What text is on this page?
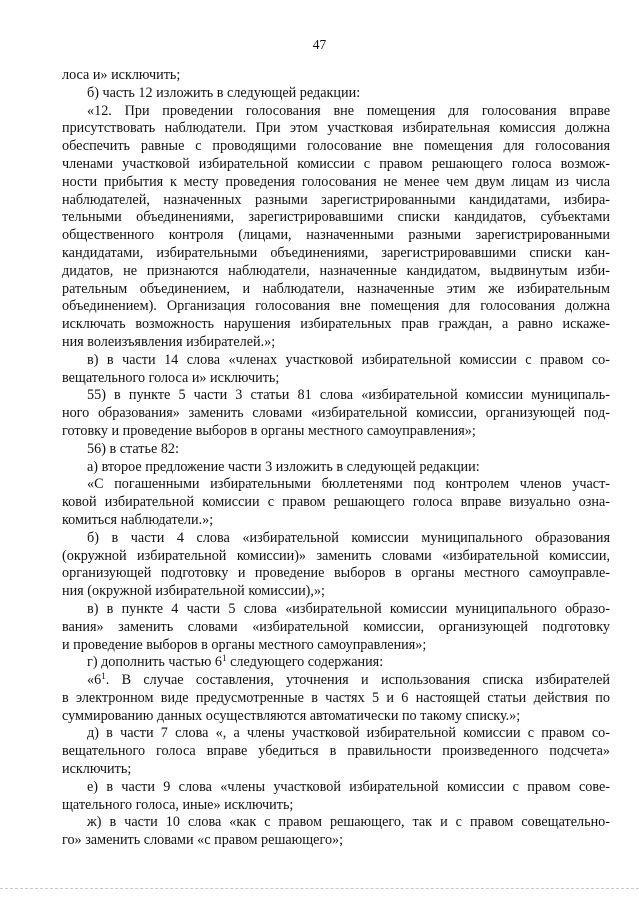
47
лоса и» исключить;
б) часть 12 изложить в следующей редакции:
«12. При проведении голосования вне помещения для голосования вправе
присутствовать наблюдатели. При этом участковая избирательная комиссия должна
обеспечить равные с проводящими голосование вне помещения для голосования
членами участковой избирательной комиссии с правом решающего голоса возмож-
ности прибытия к месту проведения голосования не менее чем двум лицам из числа
наблюдателей, назначенных разными зарегистрированными кандидатами, избира-
тельными объединениями, зарегистрировавшими списки кандидатов, субъектами
общественного контроля (лицами, назначенными разными зарегистрированными
кандидатами, избирательными объединениями, зарегистрировавшими списки кан-
дидатов, не признаются наблюдатели, назначенные кандидатом, выдвинутым изби-
рательным объединением, и наблюдатели, назначенные этим же избирательным
объединением). Организация голосования вне помещения для голосования должна
исключать возможность нарушения избирательных прав граждан, а равно искаже-
ния волеизъявления избирателей.»;
в) в части 14 слова «членах участковой избирательной комиссии с правом со-
вещательного голоса и» исключить;
55) в пункте 5 части 3 статьи 81 слова «избирательной комиссии муниципаль-
ного образования» заменить словами «избирательной комиссии, организующей под-
готовку и проведение выборов в органы местного самоуправления»;
56) в статье 82:
а) второе предложение части 3 изложить в следующей редакции:
«С погашенными избирательными бюллетенями под контролем членов участ-
ковой избирательной комиссии с правом решающего голоса вправе визуально озна-
комиться наблюдатели.»;
б) в части 4 слова «избирательной комиссии муниципального образования
(окружной избирательной комиссии)» заменить словами «избирательной комиссии,
организующей подготовку и проведение выборов в органы местного самоуправле-
ния (окружной избирательной комиссии),»;
в) в пункте 4 части 5 слова «избирательной комиссии муниципального образо-
вания» заменить словами «избирательной комиссии, организующей подготовку
и проведение выборов в органы местного самоуправления»;
г) дополнить частью $6^1$ следующего содержания:
«$6^1$. В случае составления, уточнения и использования списка избирателей
в электронном виде предусмотренные в частях 5 и 6 настоящей статьи действия по
суммированию данных осуществляются автоматически по такому списку.»;
д) в части 7 слова «, а члены участковой избирательной комиссии с правом со-
вещательного голоса вправе убедиться в правильности произведенного подсчета»
исключить;
е) в части 9 слова «члены участковой избирательной комиссии с правом сове-
щательного голоса, иные» исключить;
ж) в части 10 слова «как с правом решающего, так и с правом совещательно-
го» заменить словами «с правом решающего»;
